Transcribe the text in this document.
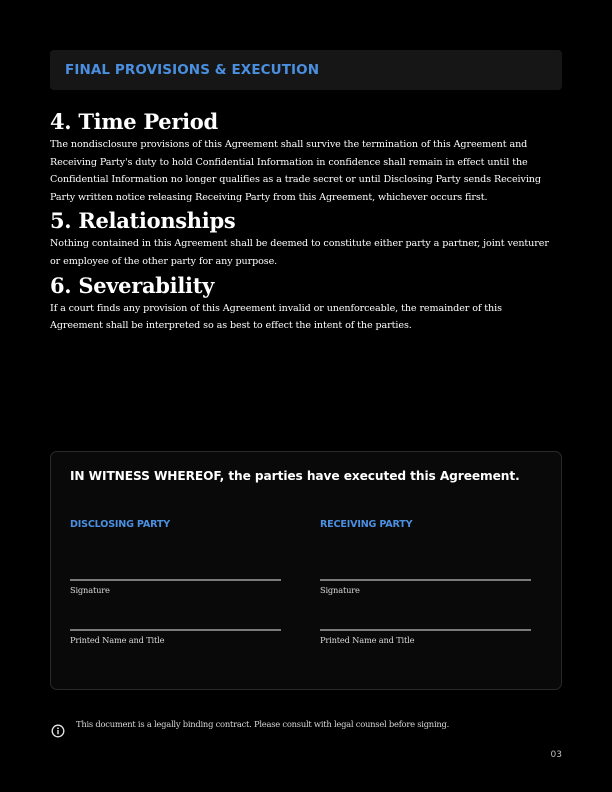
FINAL PROVISIONS & EXECUTION
4. Time Period

The nondisclosure provisions of this Agreement shall survive the termination of this Agreement and Receiving Party's duty to hold Confidential Information in confidence shall remain in effect until the Confidential Information no longer qualifies as a trade secret or until Disclosing Party sends Receiving Party written notice releasing Receiving Party from this Agreement, whichever occurs first.

5. Relationships

Nothing contained in this Agreement shall be deemed to constitute either party a partner, joint venturer or employee of the other party for any purpose.

6. Severability

If a court finds any provision of this Agreement invalid or unenforceable, the remainder of this Agreement shall be interpreted so as best to effect the intent of the parties.

IN WITNESS WHEREOF, the parties have executed this Agreement.
DISCLOSING PARTY
Signature
Printed Name and Title
RECEIVING PARTY
Signature
Printed Name and Title
This document is a legally binding contract. Please consult with legal counsel before signing.
03
